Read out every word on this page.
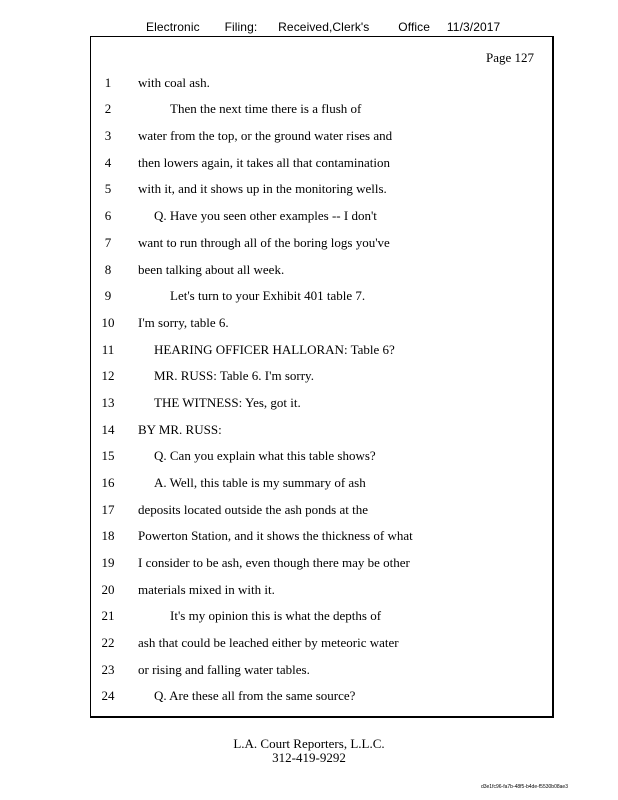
Electronic Filing: Received,Clerk's Office 11/3/2017
Page 127
1	with coal ash.
2	Then the next time there is a flush of
3	water from the top, or the ground water rises and
4	then lowers again, it takes all that contamination
5	with it, and it shows up in the monitoring wells.
6	Q. Have you seen other examples -- I don't
7	want to run through all of the boring logs you've
8	been talking about all week.
9	Let's turn to your Exhibit 401 table 7.
10	I'm sorry, table 6.
11	HEARING OFFICER HALLORAN: Table 6?
12	MR. RUSS: Table 6. I'm sorry.
13	THE WITNESS: Yes, got it.
14	BY MR. RUSS:
15	Q. Can you explain what this table shows?
16	A. Well, this table is my summary of ash
17	deposits located outside the ash ponds at the
18	Powerton Station, and it shows the thickness of what
19	I consider to be ash, even though there may be other
20	materials mixed in with it.
21	It's my opinion this is what the depths of
22	ash that could be leached either by meteoric water
23	or rising and falling water tables.
24	Q. Are these all from the same source?
L.A. Court Reporters, L.L.C.
312-419-9292
d3e1fc96-fa7b-48f5-b4de-f5530b08ae3
